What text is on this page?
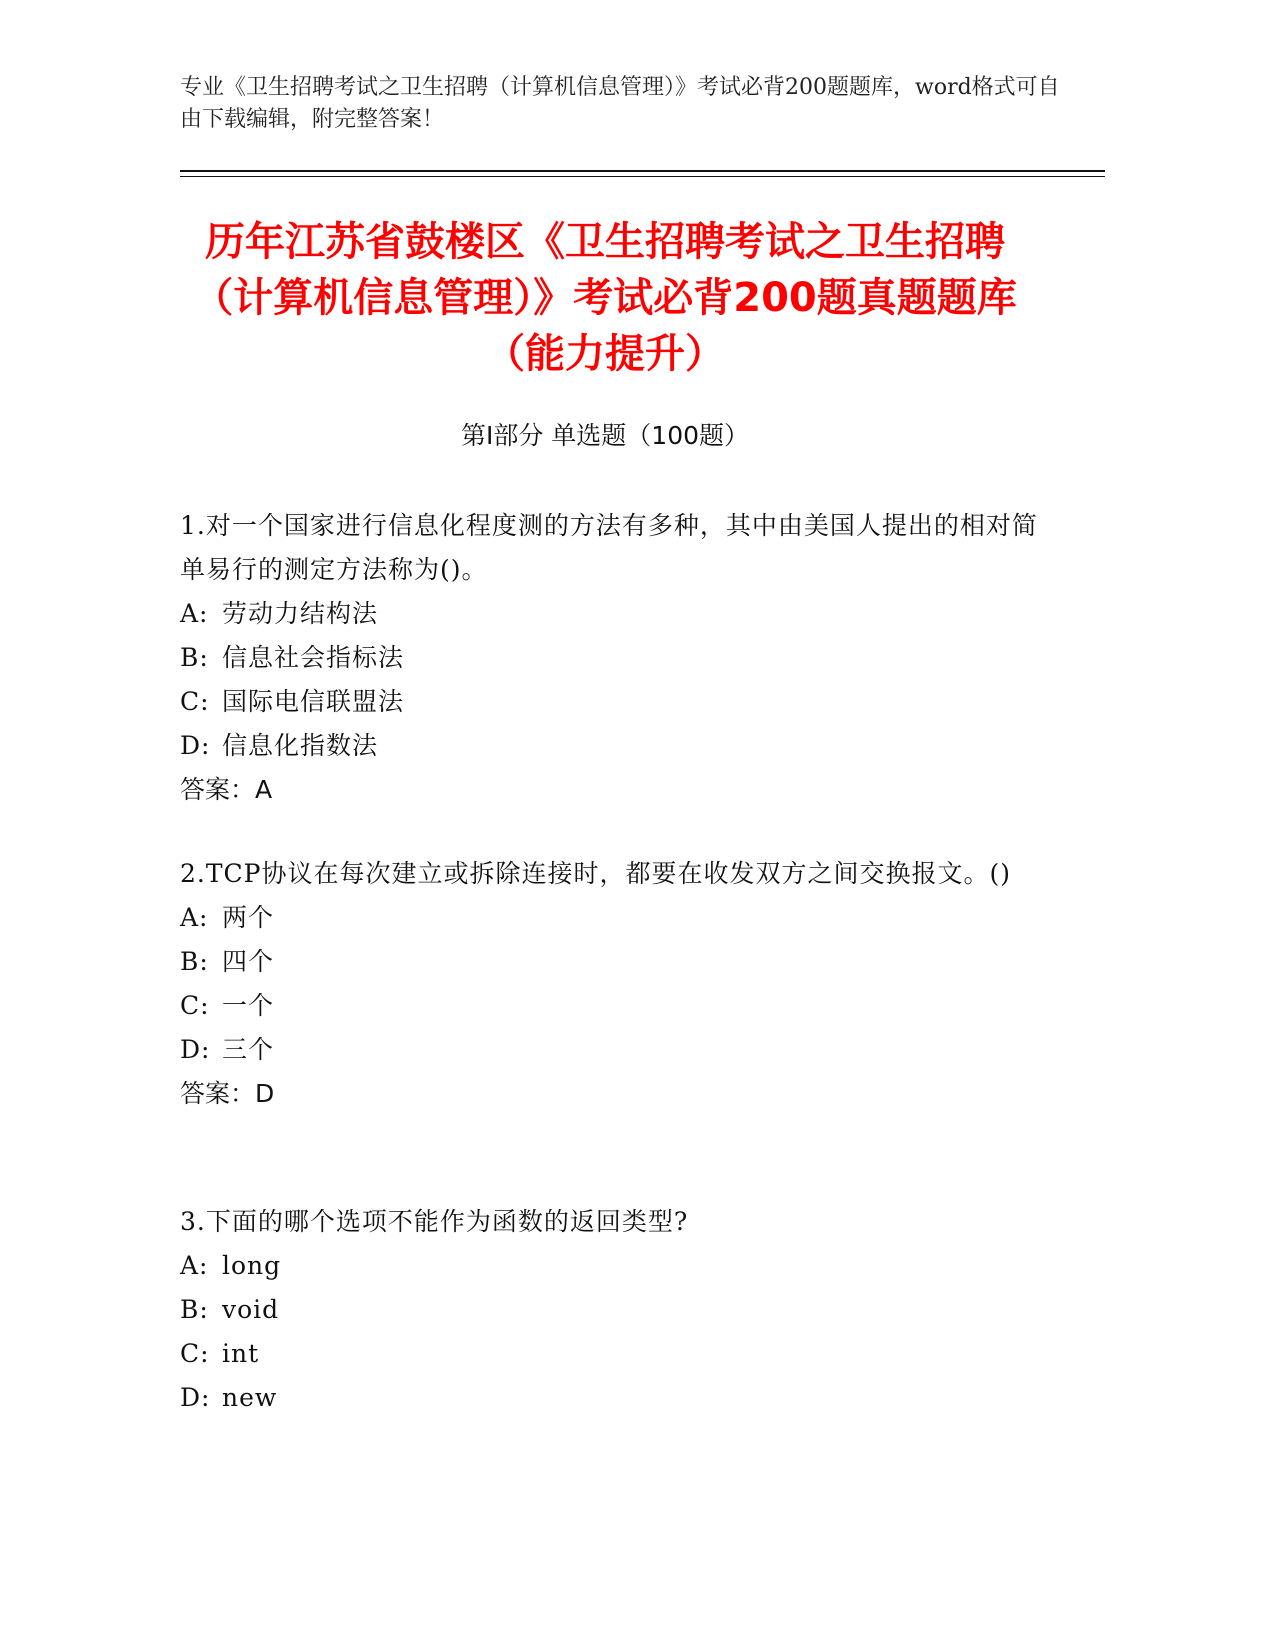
专业《卫生招聘考试之卫生招聘（计算机信息管理）》考试必背200题题库，word格式可自由下载编辑，附完整答案！
历年江苏省鼓楼区《卫生招聘考试之卫生招聘（计算机信息管理）》考试必背200题真题题库（能力提升）
第Ⅰ部分 单选题（100题）
1.对一个国家进行信息化程度测的方法有多种，其中由美国人提出的相对简单易行的测定方法称为()。
A: 劳动力结构法
B: 信息社会指标法
C: 国际电信联盟法
D: 信息化指数法
答案：A
2.TCP协议在每次建立或拆除连接时，都要在收发双方之间交换报文。()
A: 两个
B: 四个
C: 一个
D: 三个
答案：D
3.下面的哪个选项不能作为函数的返回类型?
A: long
B: void
C: int
D: new
